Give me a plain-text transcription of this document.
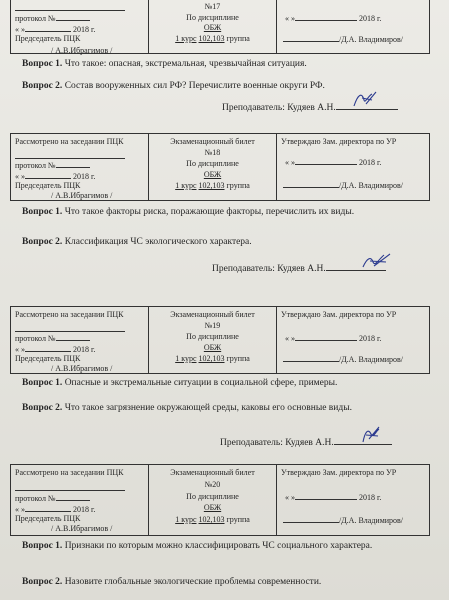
протокол №
« »	2018 г.
Председатель ПЦК
/ А.В.Ибрагимов /
№17
По дисциплине
ОБЖ
1 курс 102,103 группа
« »	2018 г.
/Д.А. Владимиров/
Вопрос 1. Что такое: опасная, экстремальная, чрезвычайная ситуация.
Вопрос 2. Состав вооруженных сил РФ? Перечислите военные округи РФ.
Преподаватель: Кудяев А.Н.
Рассмотрено на заседании ПЦК
протокол №
« »	2018 г.
Председатель ПЦК
/ А.В.Ибрагимов /
Экзаменационный билет
№18
По дисциплине
ОБЖ
1 курс 102,103 группа
Утверждаю Зам. директора по УР
« »	2018 г.
/Д.А. Владимиров/
Вопрос 1. Что такое факторы риска, поражающие факторы, перечислить их виды.
Вопрос 2. Классификация ЧС экологического характера.
Преподаватель: Кудяев А.Н.
Рассмотрено на заседании ПЦК
протокол №
« »	2018 г.
Председатель ПЦК
/ А.В.Ибрагимов /
Экзаменационный билет
№19
По дисциплине
ОБЖ
1 курс 102,103 группа
Утверждаю Зам. директора по УР
« »	2018 г.
/Д.А. Владимиров/
Вопрос 1. Опасные и экстремальные ситуации в социальной сфере, примеры.
Вопрос 2. Что такое загрязнение окружающей среды, каковы его основные виды.
Преподаватель: Кудяев А.Н.
Рассмотрено на заседании ПЦК
протокол №
« »	2018 г.
Председатель ПЦК
/ А.В.Ибрагимов /
Экзаменационный билет
№20
По дисциплине
ОБЖ
1 курс 102,103 группа
Утверждаю Зам. директора по УР
« »	2018 г.
/Д.А. Владимиров/
Вопрос 1. Признаки по которым можно классифицировать ЧС социального характера.
Вопрос 2. Назовите глобальные экологические проблемы современности.
